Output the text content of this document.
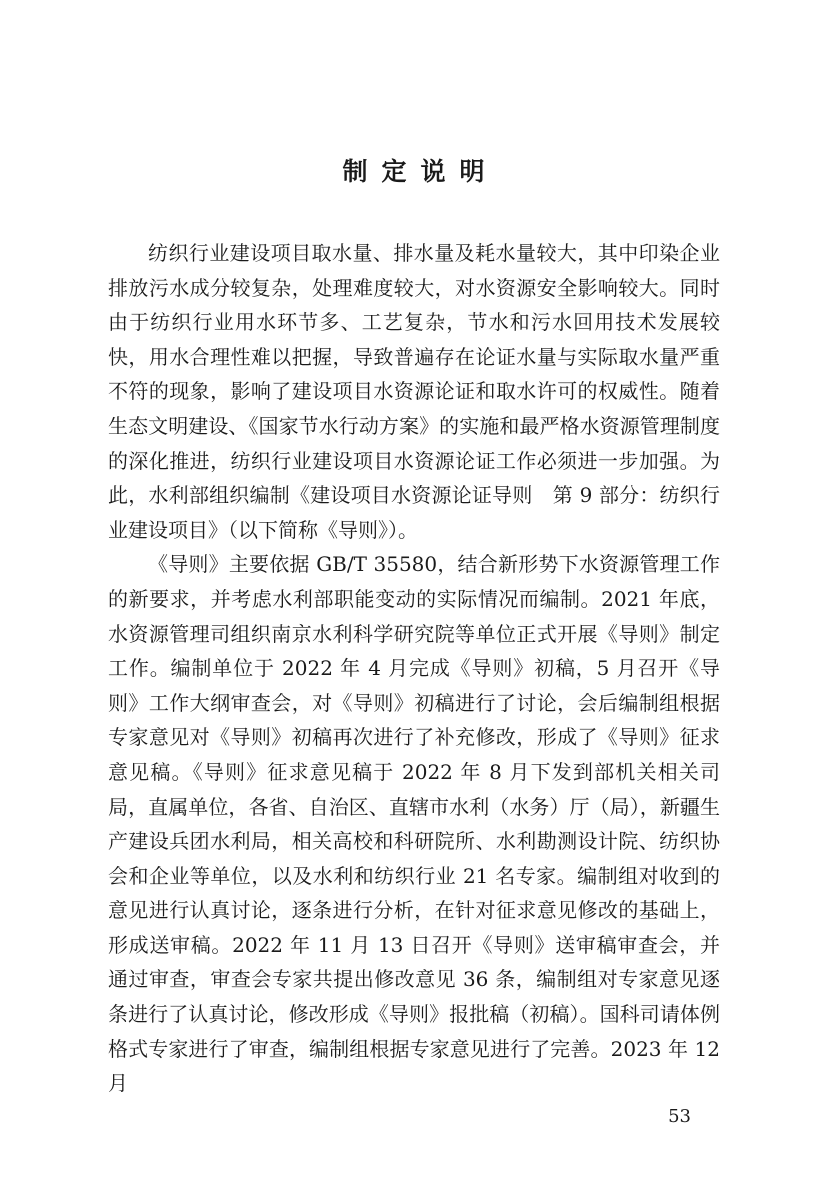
制定说明

纺织行业建设项目取水量、排水量及耗水量较大，其中印染企业排放污水成分较复杂，处理难度较大，对水资源安全影响较大。同时由于纺织行业用水环节多、工艺复杂，节水和污水回用技术发展较快，用水合理性难以把握，导致普遍存在论证水量与实际取水量严重不符的现象，影响了建设项目水资源论证和取水许可的权威性。随着生态文明建设、《国家节水行动方案》的实施和最严格水资源管理制度的深化推进，纺织行业建设项目水资源论证工作必须进一步加强。为此，水利部组织编制《建设项目水资源论证导则　第 9 部分：纺织行业建设项目》（以下简称《导则》）。

《导则》主要依据 GB/T 35580，结合新形势下水资源管理工作的新要求，并考虑水利部职能变动的实际情况而编制。2021 年底，水资源管理司组织南京水利科学研究院等单位正式开展《导则》制定工作。编制单位于 2022 年 4 月完成《导则》初稿，5 月召开《导则》工作大纲审查会，对《导则》初稿进行了讨论，会后编制组根据专家意见对《导则》初稿再次进行了补充修改，形成了《导则》征求意见稿。《导则》征求意见稿于 2022 年 8 月下发到部机关相关司局，直属单位，各省、自治区、直辖市水利（水务）厅（局），新疆生产建设兵团水利局，相关高校和科研院所、水利勘测设计院、纺织协会和企业等单位，以及水利和纺织行业 21 名专家。编制组对收到的意见进行认真讨论，逐条进行分析，在针对征求意见修改的基础上，形成送审稿。2022 年 11 月 13 日召开《导则》送审稿审查会，并通过审查，审查会专家共提出修改意见 36 条，编制组对专家意见逐条进行了认真讨论，修改形成《导则》报批稿（初稿）。国科司请体例格式专家进行了审查，编制组根据专家意见进行了完善。2023 年 12 月

53
